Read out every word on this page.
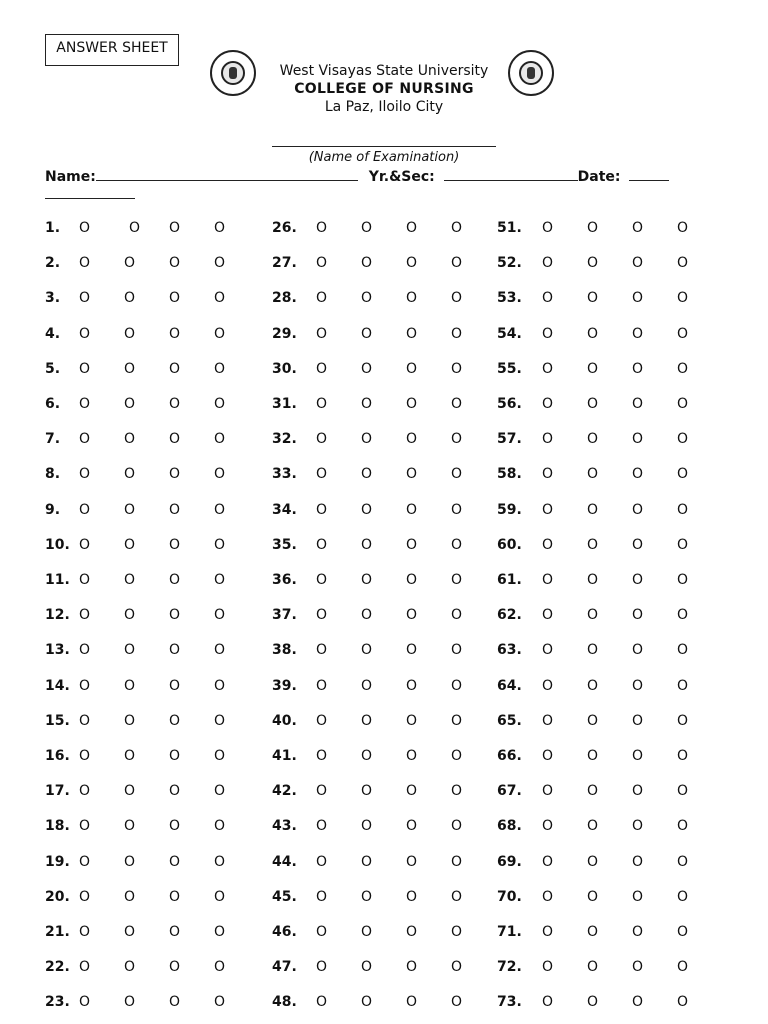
ANSWER SHEET
West Visayas State University
COLLEGE OF NURSING
La Paz, Iloilo City
(Name of Examination)
Name:	Yr.&Sec:	Date:
1. O	O O O
2. O O O O
3. O O O O
4. O O O O
5. O O O O
6. O O O O
7. O O O O
8. O O O O
9. O O O O
10. O O O O
11. O O O O
12. O O O O
13. O O O O
14. O O O O
15. O O O O
16. O O O O
17. O O O O
18. O O O O
19. O O O O
20. O O O O
21. O O O O
22. O O O O
23. O O O O
26. O O O O
27. O O O O
28. O O O O
29. O O O O
30. O O O O
31. O O O O
32. O O O O
33. O O O O
34. O O O O
35. O O O O
36. O O O O
37. O O O O
38. O O O O
39. O O O O
40. O O O O
41. O O O O
42. O O O O
43. O O O O
44. O O O O
45. O O O O
46. O O O O
47. O O O O
48. O O O O
51. O O O O
52. O O O O
53. O O O O
54. O O O O
55. O O O O
56. O O O O
57. O O O O
58. O O O O
59. O O O O
60. O O O O
61. O O O O
62. O O O O
63. O O O O
64. O O O O
65. O O O O
66. O O O O
67. O O O O
68. O O O O
69. O O O O
70. O O O O
71. O O O O
72. O O O O
73. O O O O
